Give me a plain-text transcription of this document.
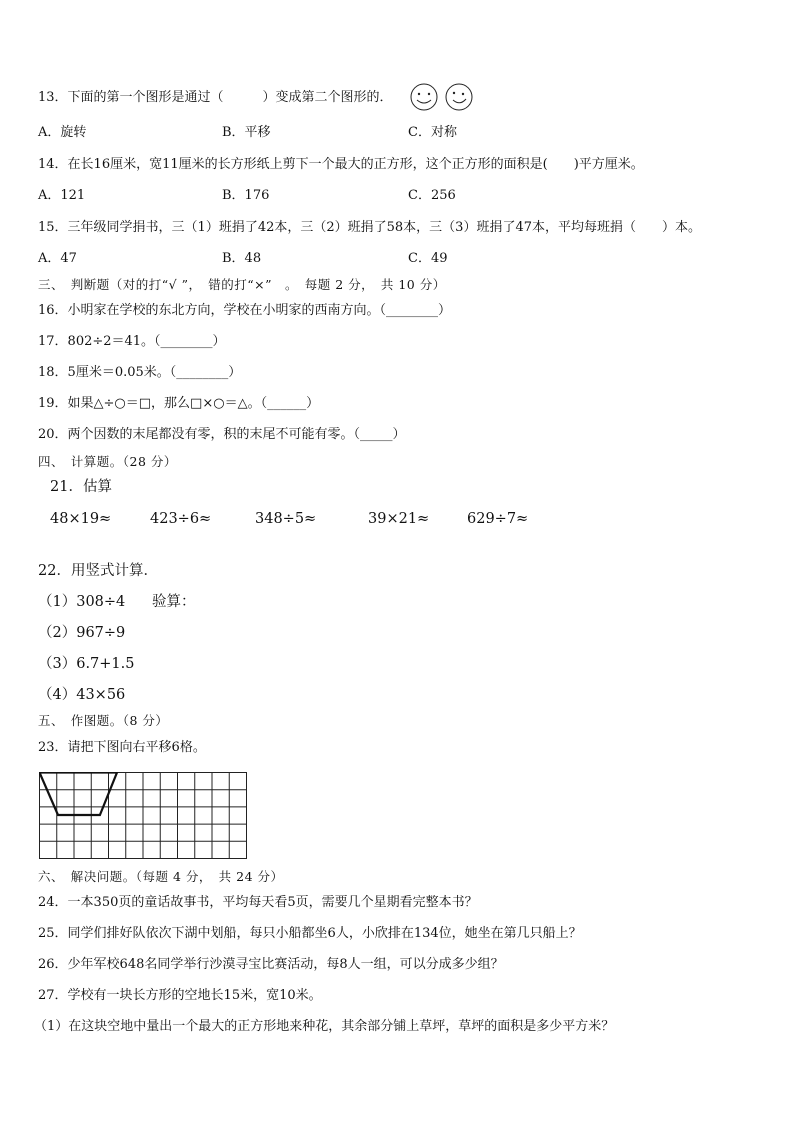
13．下面的第一个图形是通过（　　　）变成第二个图形的．
A．旋转	B．平移	C．对称
14．在长16厘米，宽11厘米的长方形纸上剪下一个最大的正方形，这个正方形的面积是(　　)平方厘米。
A．121	B．176	C．256
15．三年级同学捐书，三（1）班捐了42本，三（2）班捐了58本，三（3）班捐了47本，平均每班捐（　　）本。
A．47	B．48	C．49
三、　判断题（对的打“√ ”，　错的打“×”　。　每题 2 分，　共 10 分）
16．小明家在学校的东北方向，学校在小明家的西南方向。（________）
17．802÷2＝41。（________）
18．5厘米＝0.05米。（________）
19．如果△÷○＝□，那么□×○＝△。（______）
20．两个因数的末尾都没有零，积的末尾不可能有零。（_____）
四、　计算题。（28 分）
21．估算
48×19≈	423÷6≈	348÷5≈	39×21≈	629÷7≈
22．用竖式计算．
（1）308÷4 验算：
（2）967÷9
（3）6.7+1.5
（4）43×56
五、　作图题。（8 分）
23．请把下图向右平移6格。
六、　解决问题。（每题 4 分，　共 24 分）
24．一本350页的童话故事书，平均每天看5页，需要几个星期看完整本书？
25．同学们排好队依次下湖中划船，每只小船都坐6人，小欣排在134位，她坐在第几只船上？
26．少年军校648名同学举行沙漠寻宝比赛活动，每8人一组，可以分成多少组？
27．学校有一块长方形的空地长15米，宽10米。
（1）在这块空地中量出一个最大的正方形地来种花，其余部分铺上草坪，草坪的面积是多少平方米？
